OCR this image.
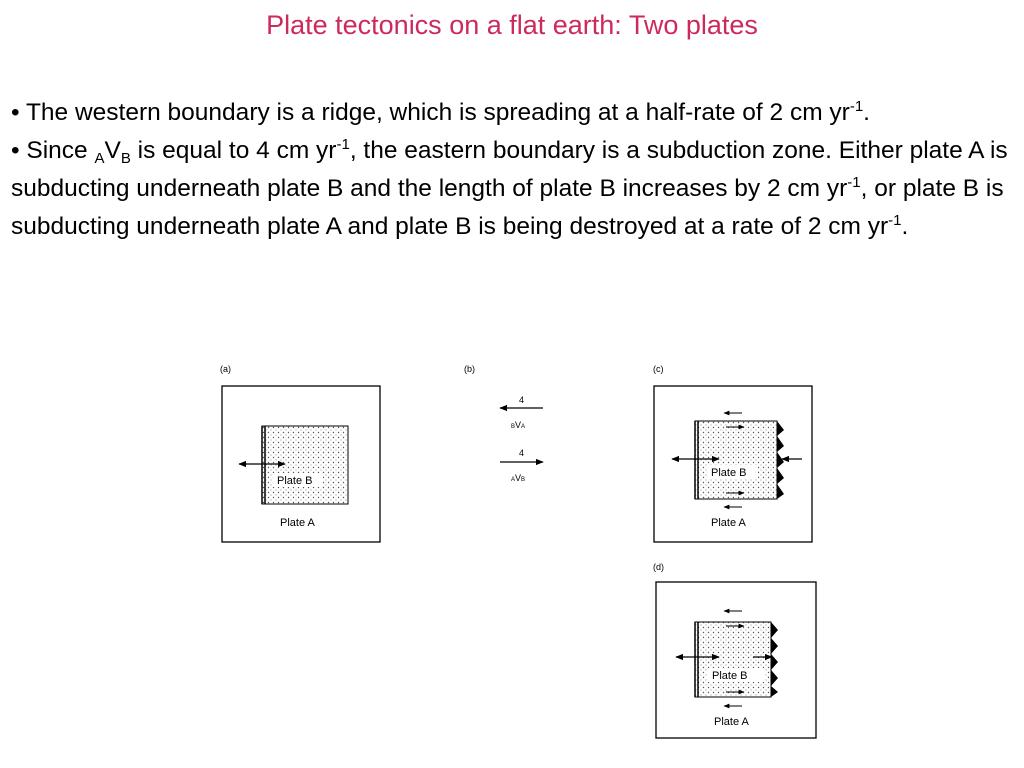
Plate tectonics on a flat earth: Two plates

• The western boundary is a ridge, which is spreading at a half-rate of 2 cm $yr^{-1}$.

• Since $_AV_B$ is equal to 4 cm $yr^{-1}$, the eastern boundary is a subduction zone. Either plate A is subducting underneath plate B and the length of plate B increases by 2 cm $yr^{-1}$, or plate B is subducting underneath plate A and plate B is being destroyed at a rate of 2 cm $yr^{-1}$.

(a)
Plate B
Plate A
(b)
4
BVA
4
AVB
(c)
Plate B
Plate A
(d)
Plate B
Plate A
